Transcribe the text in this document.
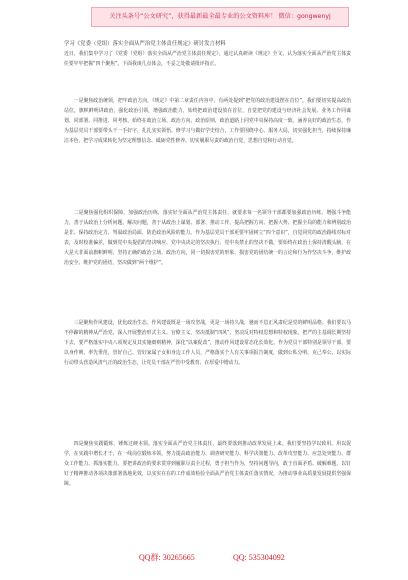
关注头条号“公文研究”，获得最新最全最专业的公文资料库！ 微信：gongwenyj
学习《党委（党组）落实全面从严治党主体责任规定》研讨发言材料
近日，我们集中学习了《党委（党组）落实全面从严治党主体责任规定》，通过认真研读《规定》全文，认为落实全面从严治党主体责任要牢牢把握“四个聚焦”。下面我谈几点体会，不妥之处敬请批评指正。

一是聚焦政治统领，把牢政治方向。《规定》中第二章责任内容中，有两处提到“把党的政治建设摆在首位”。我们要切实提高政治站位，旗帜鲜明讲政治，强化政治引领，增强政治能力，始终把政治建设放在首位，自觉把党的建设与经济社会发展、业务工作同谋划、同部署、同推进、同考核，始终在政治立场、政治方向、政治原则、政治道路上同党中央保持高度一致。涵养良好的政治生态，作为基层党员干部要带头干一手好字，扎扎实实领悟、修学习与做好学史结合，工作要围绕中心、服务大局，切实强化担当，持续保持廉洁本色，把学习成果转化为坚定理想信念、砥砺党性修养、切实履职尽责的政治自觉，思想自觉和行动自觉。

二是聚焦强化组织保障，加强政治历练，落实好全面从严治党主体责任，就要求每一名领导干部都要加强政治历练，增强斗争能力，善于从政治上分析问题、解决问题，善于从政治上谋划、部署、推动工作，提高把握方向、把握大势、把握全局的能力和辨别政治是非、保持政治定力、驾驭政治局面、防范政治风险的能力。作为基层党员干部更要牢固树立“四个意识”，自觉同党的政治路线对标对表，及时校准偏差，做到党中央提倡的坚决响应、党中央决定的坚决执行、党中央禁止的坚决不做，要始终在政治上保持清醒头脑，在大是大非面前旗帜鲜明，坚持正确的政治立场、政治方向，同一切损害党的形象、损害党的团结统一的言论和行为作坚决斗争，维护政治安全、维护党的团结，坚决做到“两个维护”。

三是聚焦作风建设，优化政治生态。作风建设既是一场攻坚战，更是一场持久战，驰而不息正风肃纪是党的鲜明品格。我们要以马不停蹄的精神从严治党，深入开展整治形式主义、官僚主义，坚决抵制“四风”，坚决反对特权思想和特权现象，把严的主基调长期坚持下去，要严格落实中央八项规定及其实施细则精神，深化“以案促改”，推动作风建设常态化长效化。作为党员干部特别是领导干部，要以身作则、率先垂范，管好自己、管好家属子女和身边工作人员，严格落实个人有关事项报告制度，做到公私分明、克己奉公，以实际行动带头营造风清气正的政治生态，让党员干部在严管中受教育、在厚爱中增动力。

四是聚焦实践锻炼，锤炼过硬本领。落实全面从严治党主体责任，最终要落到推动改革发展上来。我们要坚持学以致用、用以促学，在实践中增长才干，在一线岗位锻炼本领，努力提高政治能力、调查研究能力、科学决策能力、改革攻坚能力、应急处突能力、群众工作能力、抓落实能力。要把讲政治的要求贯穿到履职尽责全过程，勇于担当作为，坚持问题导向，敢于直面矛盾、破解难题，以钉钉子精神推动各项决策部署落地见效，以实实在在的工作成效检验全面从严治党主体责任落实情况，为推动事业高质量发展提供坚强保障。

QQ群: 30265665	QQ: 535304092
